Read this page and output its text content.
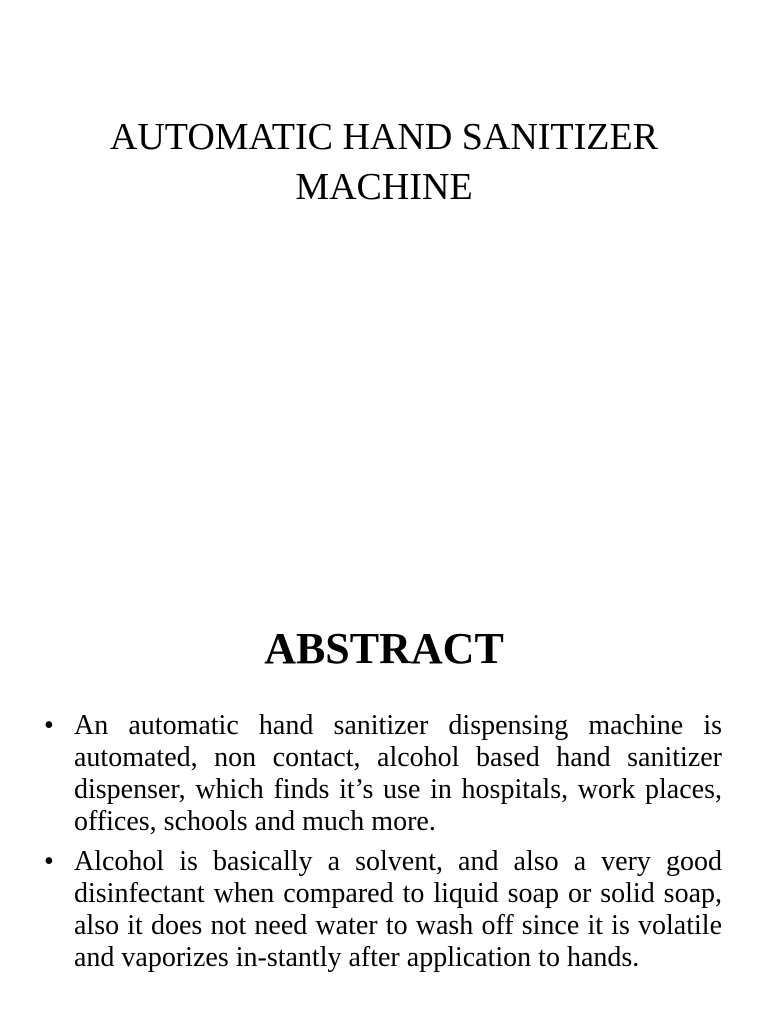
AUTOMATIC HAND SANITIZER
MACHINE
ABSTRACT
• An automatic hand sanitizer dispensing machine is automated, non contact, alcohol based hand sanitizer dispenser, which finds it’s use in hospitals, work places, offices, schools and much more.
• Alcohol is basically a solvent, and also a very good disinfectant when compared to liquid soap or solid soap, also it does not need water to wash off since it is volatile and vaporizes in-stantly after application to hands.
